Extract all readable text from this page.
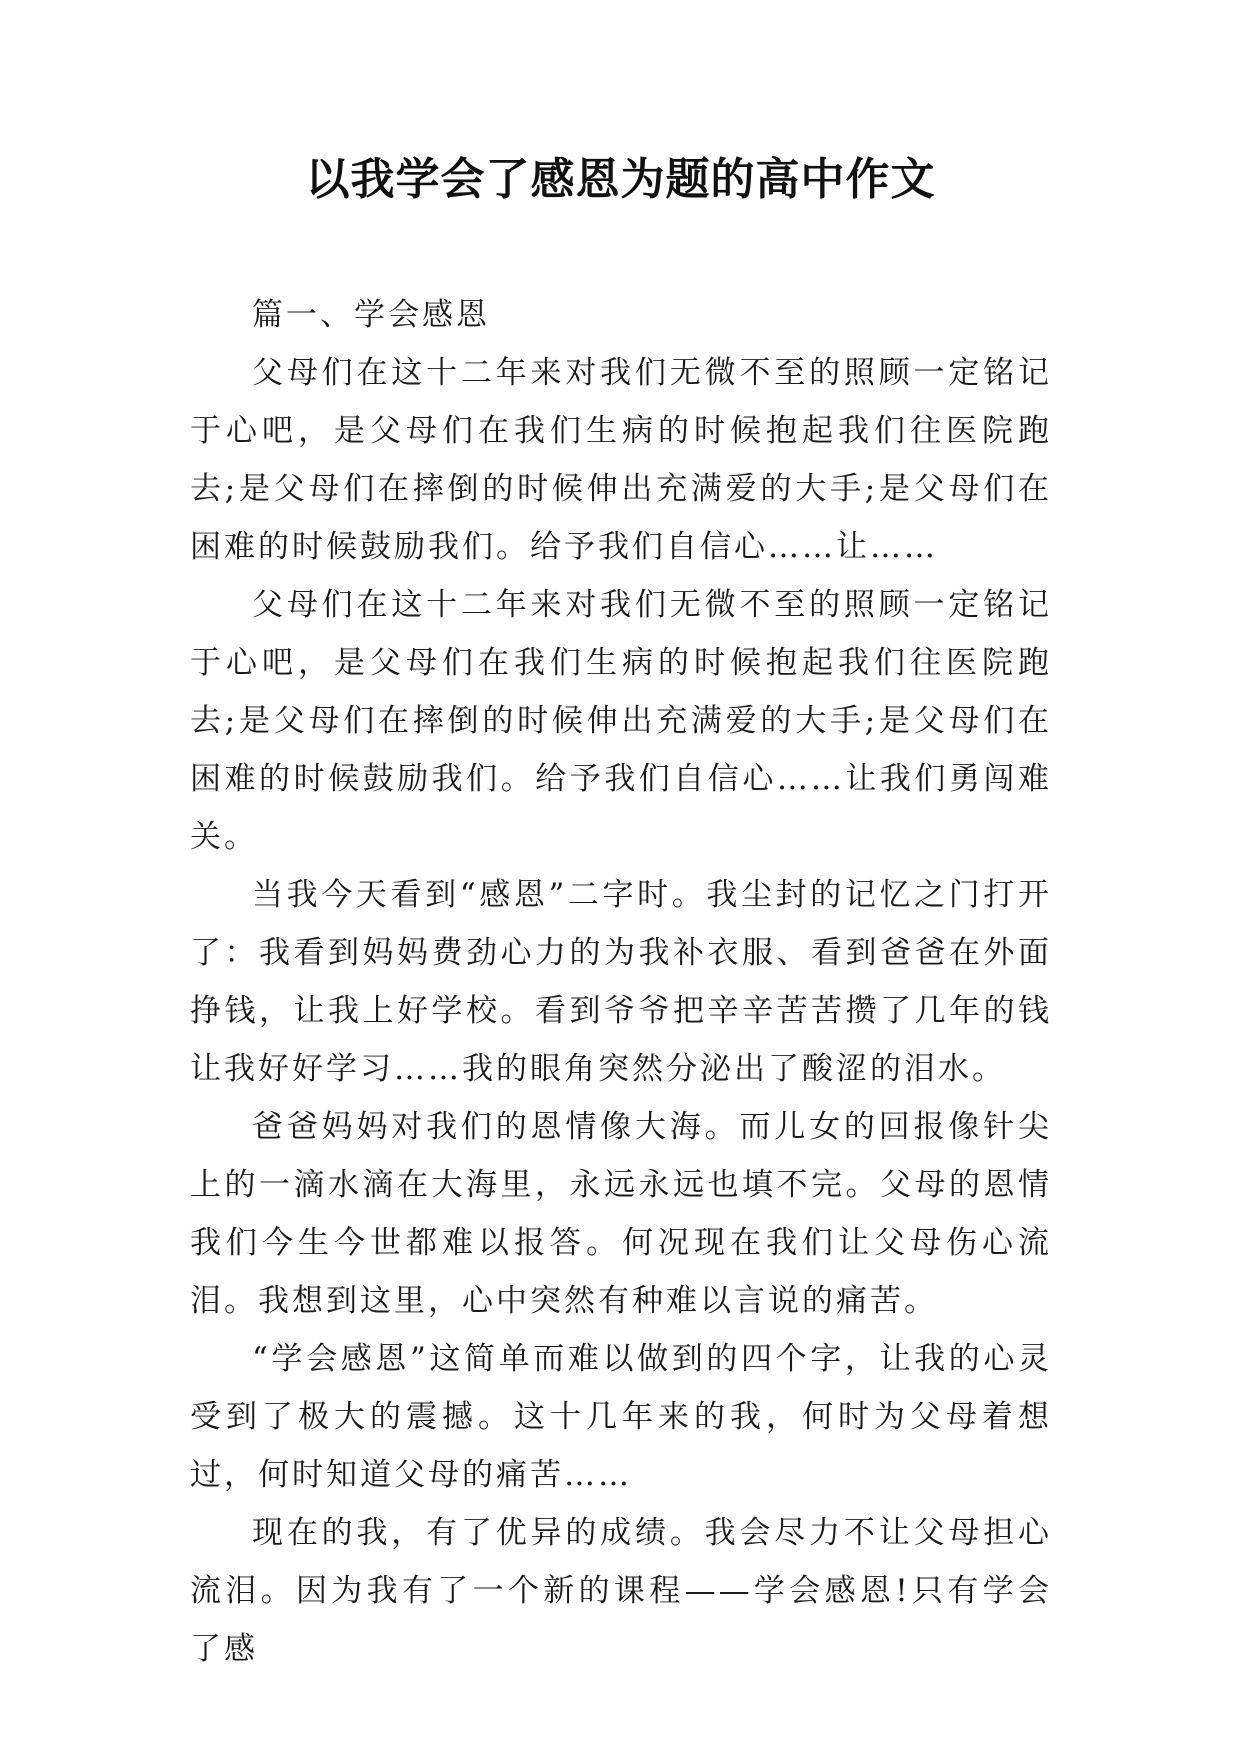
以我学会了感恩为题的高中作文

篇一、学会感恩

父母们在这十二年来对我们无微不至的照顾一定铭记于心吧，是父母们在我们生病的时候抱起我们往医院跑去;是父母们在摔倒的时候伸出充满爱的大手;是父母们在困难的时候鼓励我们。给予我们自信心……让……

父母们在这十二年来对我们无微不至的照顾一定铭记于心吧，是父母们在我们生病的时候抱起我们往医院跑去;是父母们在摔倒的时候伸出充满爱的大手;是父母们在困难的时候鼓励我们。给予我们自信心……让我们勇闯难关。

当我今天看到“感恩”二字时。我尘封的记忆之门打开了：我看到妈妈费劲心力的为我补衣服、看到爸爸在外面挣钱，让我上好学校。看到爷爷把辛辛苦苦攒了几年的钱让我好好学习……我的眼角突然分泌出了酸涩的泪水。

爸爸妈妈对我们的恩情像大海。而儿女的回报像针尖上的一滴水滴在大海里，永远永远也填不完。父母的恩情我们今生今世都难以报答。何况现在我们让父母伤心流泪。我想到这里，心中突然有种难以言说的痛苦。

“学会感恩”这简单而难以做到的四个字，让我的心灵受到了极大的震撼。这十几年来的我，何时为父母着想过，何时知道父母的痛苦……

现在的我，有了优异的成绩。我会尽力不让父母担心流泪。因为我有了一个新的课程——学会感恩!只有学会了感
